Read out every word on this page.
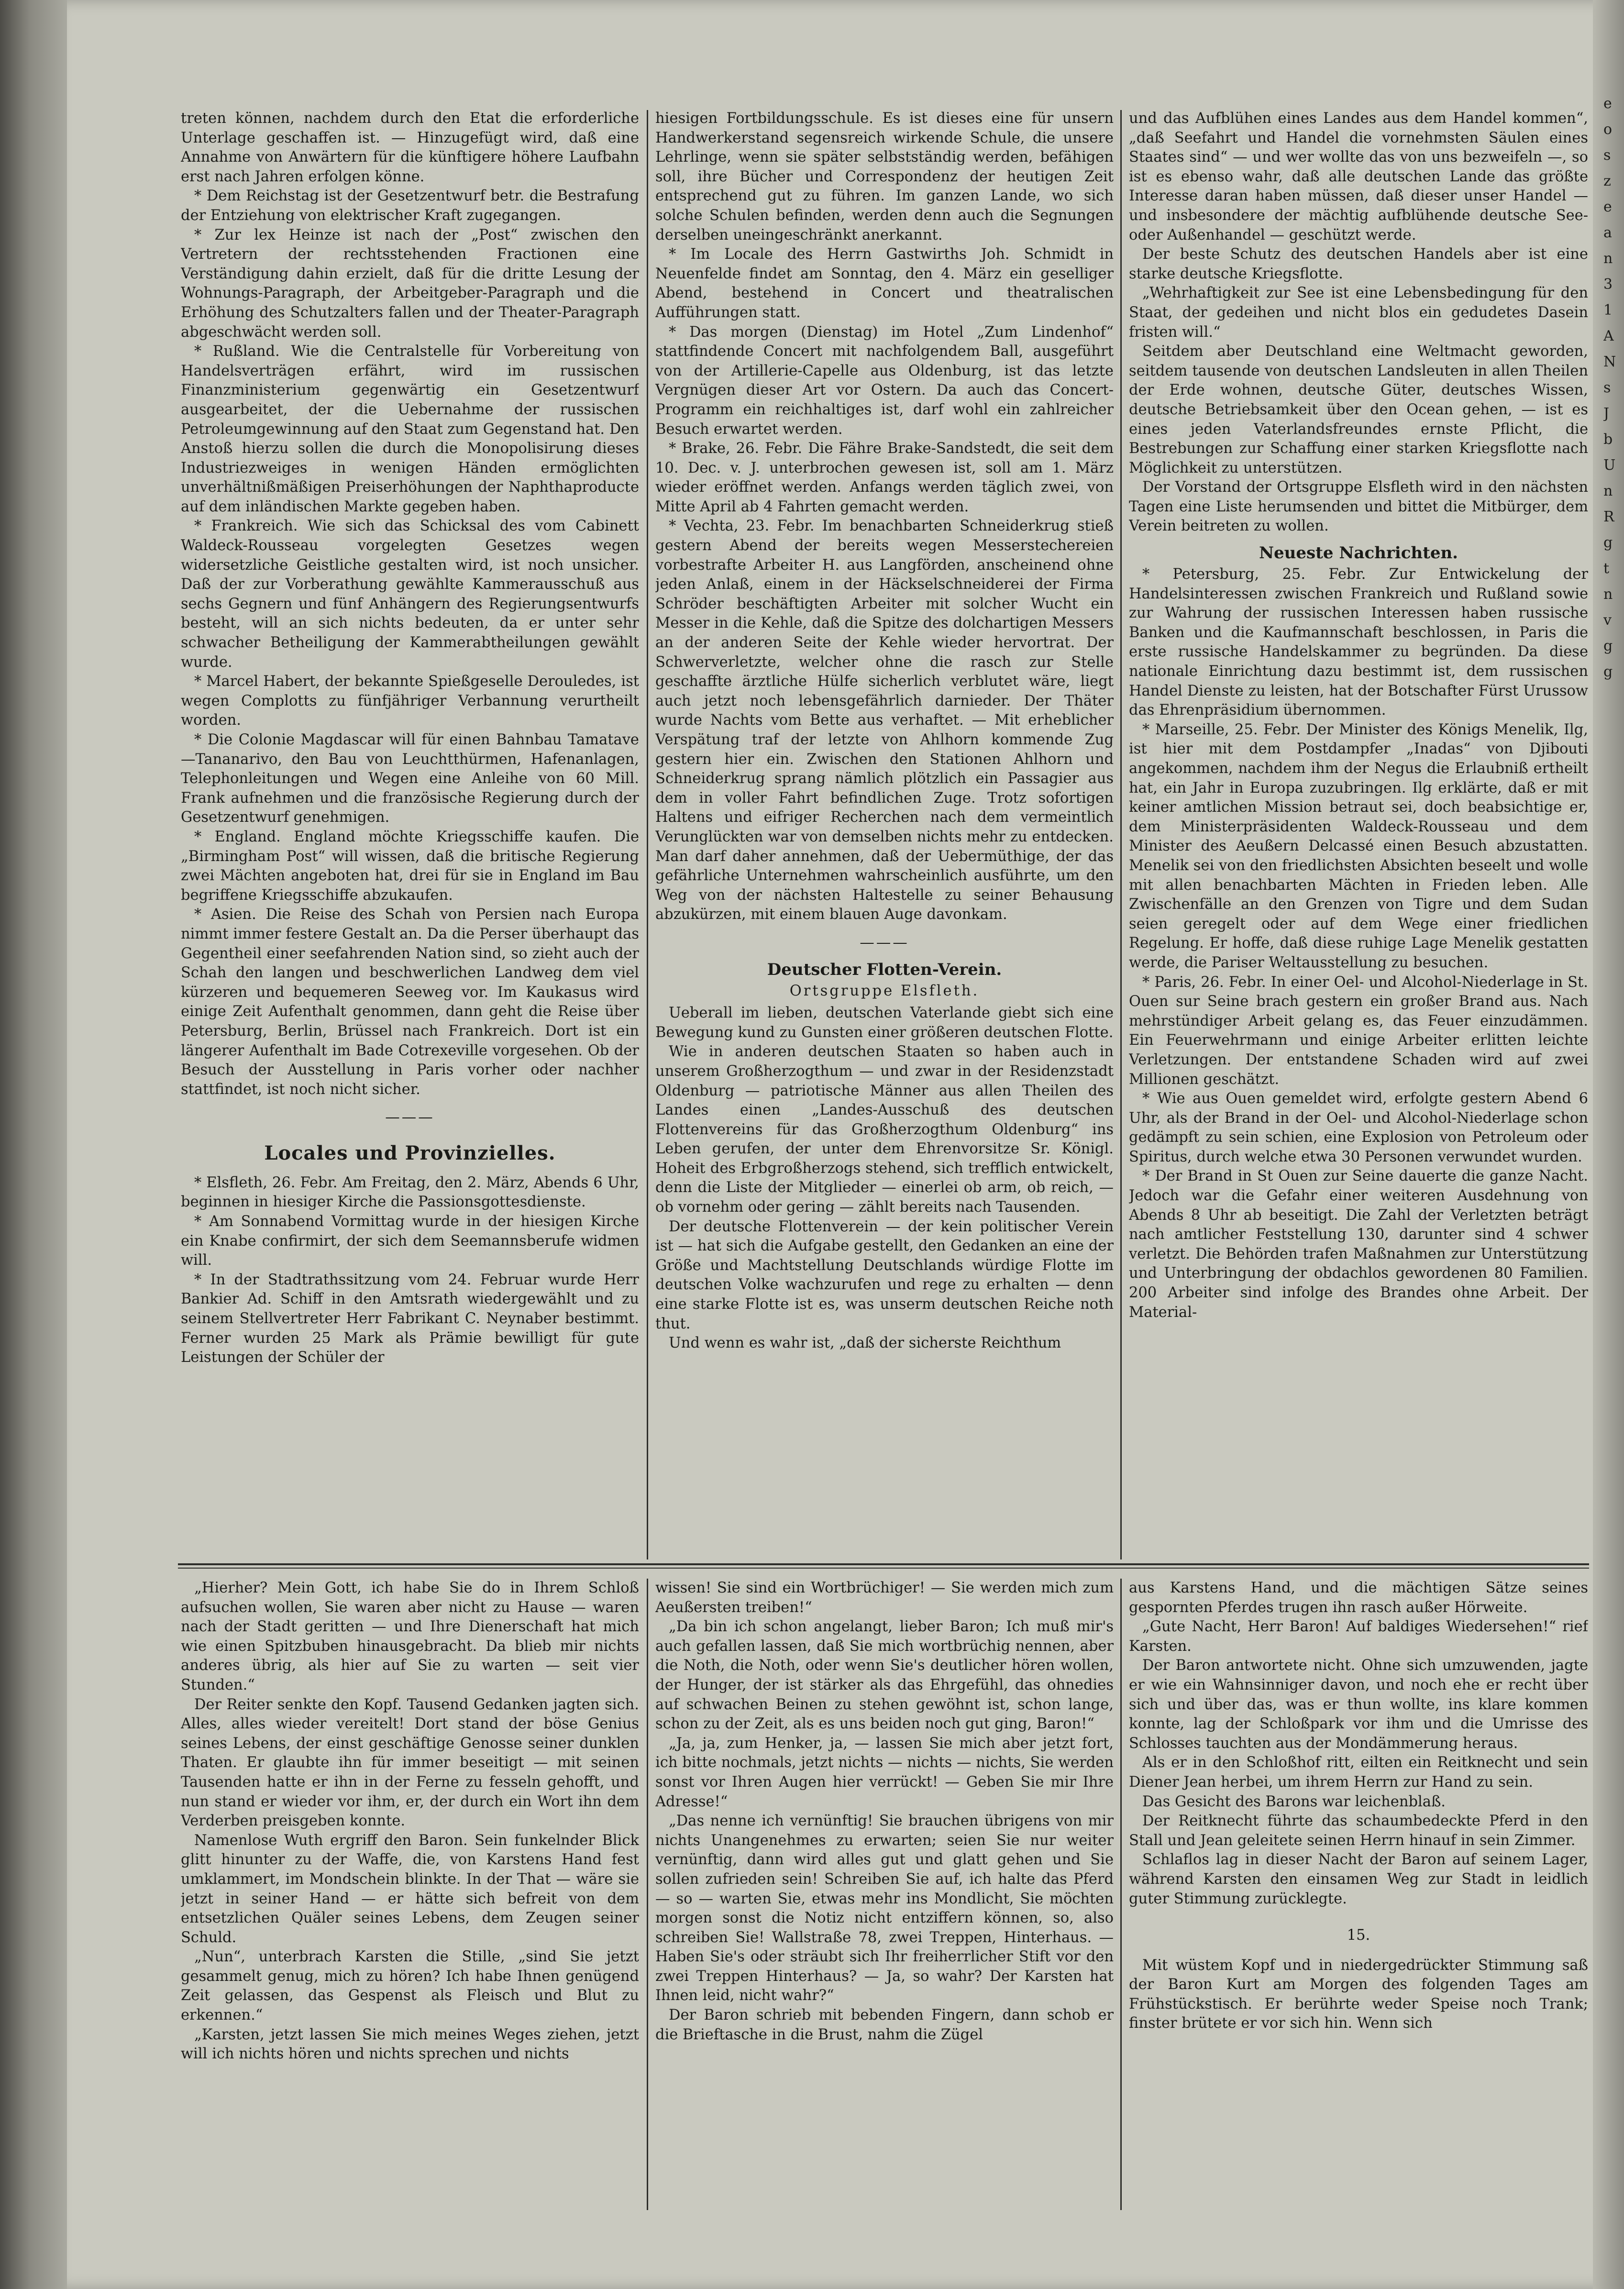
treten können, nachdem durch den Etat die erforderliche Unterlage geschaffen ist. — Hinzugefügt wird, daß eine Annahme von Anwärtern für die künftigere höhere Laufbahn erst nach Jahren erfolgen könne.

* Dem Reichstag ist der Gesetzentwurf betr. die Bestrafung der Entziehung von elektrischer Kraft zugegangen.

* Zur lex Heinze ist nach der „Post“ zwischen den Vertretern der rechtsstehenden Fractionen eine Verständigung dahin erzielt, daß für die dritte Lesung der Wohnungs-Paragraph, der Arbeitgeber-Paragraph und die Erhöhung des Schutzalters fallen und der Theater-Paragraph abgeschwächt werden soll.

* Rußland. Wie die Centralstelle für Vorbereitung von Handelsverträgen erfährt, wird im russischen Finanzministerium gegenwärtig ein Gesetzentwurf ausgearbeitet, der die Uebernahme der russischen Petroleumgewinnung auf den Staat zum Gegenstand hat. Den Anstoß hierzu sollen die durch die Monopolisirung dieses Industriezweiges in wenigen Händen ermöglichten unverhältnißmäßigen Preiserhöhungen der Naphthaproducte auf dem inländischen Markte gegeben haben.

* Frankreich. Wie sich das Schicksal des vom Cabinett Waldeck-Rousseau vorgelegten Gesetzes wegen widersetzliche Geistliche gestalten wird, ist noch unsicher. Daß der zur Vorberathung gewählte Kammerausschuß aus sechs Gegnern und fünf Anhängern des Regierungsentwurfs besteht, will an sich nichts bedeuten, da er unter sehr schwacher Betheiligung der Kammerabtheilungen gewählt wurde.

* Marcel Habert, der bekannte Spießgeselle Derouledes, ist wegen Complotts zu fünfjähriger Verbannung verurtheilt worden.

* Die Colonie Magdascar will für einen Bahnbau Tamatave—Tananarivo, den Bau von Leuchtthürmen, Hafenanlagen, Telephonleitungen und Wegen eine Anleihe von 60 Mill. Frank aufnehmen und die französische Regierung durch der Gesetzentwurf genehmigen.

* England. England möchte Kriegsschiffe kaufen. Die „Birmingham Post“ will wissen, daß die britische Regierung zwei Mächten angeboten hat, drei für sie in England im Bau begriffene Kriegsschiffe abzukaufen.

* Asien. Die Reise des Schah von Persien nach Europa nimmt immer festere Gestalt an. Da die Perser überhaupt das Gegentheil einer seefahrenden Nation sind, so zieht auch der Schah den langen und beschwerlichen Landweg dem viel kürzeren und bequemeren Seeweg vor. Im Kaukasus wird einige Zeit Aufenthalt genommen, dann geht die Reise über Petersburg, Berlin, Brüssel nach Frankreich. Dort ist ein längerer Aufenthalt im Bade Cotrexeville vorgesehen. Ob der Besuch der Ausstellung in Paris vorher oder nachher stattfindet, ist noch nicht sicher.

———
Locales und Provinzielles.

* Elsfleth, 26. Febr. Am Freitag, den 2. März, Abends 6 Uhr, beginnen in hiesiger Kirche die Passionsgottesdienste.

* Am Sonnabend Vormittag wurde in der hiesigen Kirche ein Knabe confirmirt, der sich dem Seemannsberufe widmen will.

* In der Stadtrathssitzung vom 24. Februar wurde Herr Bankier Ad. Schiff in den Amtsrath wiedergewählt und zu seinem Stellvertreter Herr Fabrikant C. Neynaber bestimmt. Ferner wurden 25 Mark als Prämie bewilligt für gute Leistungen der Schüler der

hiesigen Fortbildungsschule. Es ist dieses eine für unsern Handwerkerstand segensreich wirkende Schule, die unsere Lehrlinge, wenn sie später selbstständig werden, befähigen soll, ihre Bücher und Correspondenz der heutigen Zeit entsprechend gut zu führen. Im ganzen Lande, wo sich solche Schulen befinden, werden denn auch die Segnungen derselben uneingeschränkt anerkannt.

* Im Locale des Herrn Gastwirths Joh. Schmidt in Neuenfelde findet am Sonntag, den 4. März ein geselliger Abend, bestehend in Concert und theatralischen Aufführungen statt.

* Das morgen (Dienstag) im Hotel „Zum Lindenhof“ stattfindende Concert mit nachfolgendem Ball, ausgeführt von der Artillerie-Capelle aus Oldenburg, ist das letzte Vergnügen dieser Art vor Ostern. Da auch das Concert-Programm ein reichhaltiges ist, darf wohl ein zahlreicher Besuch erwartet werden.

* Brake, 26. Febr. Die Fähre Brake-Sandstedt, die seit dem 10. Dec. v. J. unterbrochen gewesen ist, soll am 1. März wieder eröffnet werden. Anfangs werden täglich zwei, von Mitte April ab 4 Fahrten gemacht werden.

* Vechta, 23. Febr. Im benachbarten Schneiderkrug stieß gestern Abend der bereits wegen Messerstechereien vorbestrafte Arbeiter H. aus Langförden, anscheinend ohne jeden Anlaß, einem in der Häckselschneiderei der Firma Schröder beschäftigten Arbeiter mit solcher Wucht ein Messer in die Kehle, daß die Spitze des dolchartigen Messers an der anderen Seite der Kehle wieder hervortrat. Der Schwerverletzte, welcher ohne die rasch zur Stelle geschaffte ärztliche Hülfe sicherlich verblutet wäre, liegt auch jetzt noch lebensgefährlich darnieder. Der Thäter wurde Nachts vom Bette aus verhaftet. — Mit erheblicher Verspätung traf der letzte von Ahlhorn kommende Zug gestern hier ein. Zwischen den Stationen Ahlhorn und Schneiderkrug sprang nämlich plötzlich ein Passagier aus dem in voller Fahrt befindlichen Zuge. Trotz sofortigen Haltens und eifriger Recherchen nach dem vermeintlich Verunglückten war von demselben nichts mehr zu entdecken. Man darf daher annehmen, daß der Uebermüthige, der das gefährliche Unternehmen wahrscheinlich ausführte, um den Weg von der nächsten Haltestelle zu seiner Behausung abzukürzen, mit einem blauen Auge davonkam.

———
Deutscher Flotten-Verein.
Ortsgruppe Elsfleth.

Ueberall im lieben, deutschen Vaterlande giebt sich eine Bewegung kund zu Gunsten einer größeren deutschen Flotte.

Wie in anderen deutschen Staaten so haben auch in unserem Großherzogthum — und zwar in der Residenzstadt Oldenburg — patriotische Männer aus allen Theilen des Landes einen „Landes-Ausschuß des deutschen Flottenvereins für das Großherzogthum Oldenburg“ ins Leben gerufen, der unter dem Ehrenvorsitze Sr. Königl. Hoheit des Erbgroßherzogs stehend, sich trefflich entwickelt, denn die Liste der Mitglieder — einerlei ob arm, ob reich, — ob vornehm oder gering — zählt bereits nach Tausenden.

Der deutsche Flottenverein — der kein politischer Verein ist — hat sich die Aufgabe gestellt, den Gedanken an eine der Größe und Machtstellung Deutschlands würdige Flotte im deutschen Volke wachzurufen und rege zu erhalten — denn eine starke Flotte ist es, was unserm deutschen Reiche noth thut.

Und wenn es wahr ist, „daß der sicherste Reichthum

und das Aufblühen eines Landes aus dem Handel kommen“, „daß Seefahrt und Handel die vornehmsten Säulen eines Staates sind“ — und wer wollte das von uns bezweifeln —, so ist es ebenso wahr, daß alle deutschen Lande das größte Interesse daran haben müssen, daß dieser unser Handel — und insbesondere der mächtig aufblühende deutsche See- oder Außenhandel — geschützt werde.

Der beste Schutz des deutschen Handels aber ist eine starke deutsche Kriegsflotte.

„Wehrhaftigkeit zur See ist eine Lebensbedingung für den Staat, der gedeihen und nicht blos ein gedudetes Dasein fristen will.“

Seitdem aber Deutschland eine Weltmacht geworden, seitdem tausende von deutschen Landsleuten in allen Theilen der Erde wohnen, deutsche Güter, deutsches Wissen, deutsche Betriebsamkeit über den Ocean gehen, — ist es eines jeden Vaterlandsfreundes ernste Pflicht, die Bestrebungen zur Schaffung einer starken Kriegsflotte nach Möglichkeit zu unterstützen.

Der Vorstand der Ortsgruppe Elsfleth wird in den nächsten Tagen eine Liste herumsenden und bittet die Mitbürger, dem Verein beitreten zu wollen.

Neueste Nachrichten.

* Petersburg, 25. Febr. Zur Entwickelung der Handelsinteressen zwischen Frankreich und Rußland sowie zur Wahrung der russischen Interessen haben russische Banken und die Kaufmannschaft beschlossen, in Paris die erste russische Handelskammer zu begründen. Da diese nationale Einrichtung dazu bestimmt ist, dem russischen Handel Dienste zu leisten, hat der Botschafter Fürst Urussow das Ehrenpräsidium übernommen.

* Marseille, 25. Febr. Der Minister des Königs Menelik, Ilg, ist hier mit dem Postdampfer „Inadas“ von Djibouti angekommen, nachdem ihm der Negus die Erlaubniß ertheilt hat, ein Jahr in Europa zuzubringen. Ilg erklärte, daß er mit keiner amtlichen Mission betraut sei, doch beabsichtige er, dem Ministerpräsidenten Waldeck-Rousseau und dem Minister des Aeußern Delcassé einen Besuch abzustatten. Menelik sei von den friedlichsten Absichten beseelt und wolle mit allen benachbarten Mächten in Frieden leben. Alle Zwischenfälle an den Grenzen von Tigre und dem Sudan seien geregelt oder auf dem Wege einer friedlichen Regelung. Er hoffe, daß diese ruhige Lage Menelik gestatten werde, die Pariser Weltausstellung zu besuchen.

* Paris, 26. Febr. In einer Oel- und Alcohol-Niederlage in St. Ouen sur Seine brach gestern ein großer Brand aus. Nach mehrstündiger Arbeit gelang es, das Feuer einzudämmen. Ein Feuerwehrmann und einige Arbeiter erlitten leichte Verletzungen. Der entstandene Schaden wird auf zwei Millionen geschätzt.

* Wie aus Ouen gemeldet wird, erfolgte gestern Abend 6 Uhr, als der Brand in der Oel- und Alcohol-Niederlage schon gedämpft zu sein schien, eine Explosion von Petroleum oder Spiritus, durch welche etwa 30 Personen verwundet wurden.

* Der Brand in St Ouen zur Seine dauerte die ganze Nacht. Jedoch war die Gefahr einer weiteren Ausdehnung von Abends 8 Uhr ab beseitigt. Die Zahl der Verletzten beträgt nach amtlicher Feststellung 130, darunter sind 4 schwer verletzt. Die Behörden trafen Maßnahmen zur Unterstützung und Unterbringung der obdachlos gewordenen 80 Familien. 200 Arbeiter sind infolge des Brandes ohne Arbeit. Der Material-

„Hierher? Mein Gott, ich habe Sie do in Ihrem Schloß aufsuchen wollen, Sie waren aber nicht zu Hause — waren nach der Stadt geritten — und Ihre Dienerschaft hat mich wie einen Spitzbuben hinausgebracht. Da blieb mir nichts anderes übrig, als hier auf Sie zu warten — seit vier Stunden.“

Der Reiter senkte den Kopf. Tausend Gedanken jagten sich. Alles, alles wieder vereitelt! Dort stand der böse Genius seines Lebens, der einst geschäftige Genosse seiner dunklen Thaten. Er glaubte ihn für immer beseitigt — mit seinen Tausenden hatte er ihn in der Ferne zu fesseln gehofft, und nun stand er wieder vor ihm, er, der durch ein Wort ihn dem Verderben preisgeben konnte.

Namenlose Wuth ergriff den Baron. Sein funkelnder Blick glitt hinunter zu der Waffe, die, von Karstens Hand fest umklammert, im Mondschein blinkte. In der That — wäre sie jetzt in seiner Hand — er hätte sich befreit von dem entsetzlichen Quäler seines Lebens, dem Zeugen seiner Schuld.

„Nun“, unterbrach Karsten die Stille, „sind Sie jetzt gesammelt genug, mich zu hören? Ich habe Ihnen genügend Zeit gelassen, das Gespenst als Fleisch und Blut zu erkennen.“

„Karsten, jetzt lassen Sie mich meines Weges ziehen, jetzt will ich nichts hören und nichts sprechen und nichts

wissen! Sie sind ein Wortbrüchiger! — Sie werden mich zum Aeußersten treiben!“

„Da bin ich schon angelangt, lieber Baron; Ich muß mir's auch gefallen lassen, daß Sie mich wortbrüchig nennen, aber die Noth, die Noth, oder wenn Sie's deutlicher hören wollen, der Hunger, der ist stärker als das Ehrgefühl, das ohnedies auf schwachen Beinen zu stehen gewöhnt ist, schon lange, schon zu der Zeit, als es uns beiden noch gut ging, Baron!“

„Ja, ja, zum Henker, ja, — lassen Sie mich aber jetzt fort, ich bitte nochmals, jetzt nichts — nichts — nichts, Sie werden sonst vor Ihren Augen hier verrückt! — Geben Sie mir Ihre Adresse!“

„Das nenne ich vernünftig! Sie brauchen übrigens von mir nichts Unangenehmes zu erwarten; seien Sie nur weiter vernünftig, dann wird alles gut und glatt gehen und Sie sollen zufrieden sein! Schreiben Sie auf, ich halte das Pferd — so — warten Sie, etwas mehr ins Mondlicht, Sie möchten morgen sonst die Notiz nicht entziffern können, so, also schreiben Sie! Wallstraße 78, zwei Treppen, Hinterhaus. — Haben Sie's oder sträubt sich Ihr freiherrlicher Stift vor den zwei Treppen Hinterhaus? — Ja, so wahr? Der Karsten hat Ihnen leid, nicht wahr?“

Der Baron schrieb mit bebenden Fingern, dann schob er die Brieftasche in die Brust, nahm die Zügel

aus Karstens Hand, und die mächtigen Sätze seines gespornten Pferdes trugen ihn rasch außer Hörweite.

„Gute Nacht, Herr Baron! Auf baldiges Wiedersehen!“ rief Karsten.

Der Baron antwortete nicht. Ohne sich umzuwenden, jagte er wie ein Wahnsinniger davon, und noch ehe er recht über sich und über das, was er thun wollte, ins klare kommen konnte, lag der Schloßpark vor ihm und die Umrisse des Schlosses tauchten aus der Mondämmerung heraus.

Als er in den Schloßhof ritt, eilten ein Reitknecht und sein Diener Jean herbei, um ihrem Herrn zur Hand zu sein.

Das Gesicht des Barons war leichenblaß.

Der Reitknecht führte das schaumbedeckte Pferd in den Stall und Jean geleitete seinen Herrn hinauf in sein Zimmer.

Schlaflos lag in dieser Nacht der Baron auf seinem Lager, während Karsten den einsamen Weg zur Stadt in leidlich guter Stimmung zurücklegte.

15.

Mit wüstem Kopf und in niedergedrückter Stimmung saß der Baron Kurt am Morgen des folgenden Tages am Frühstückstisch. Er berührte weder Speise noch Trank; finster brütete er vor sich hin. Wenn sich

e
o
s
z
e
a
n
3
1
A
N
s
J
b
U
n
R
g
t
n
v
g
g
